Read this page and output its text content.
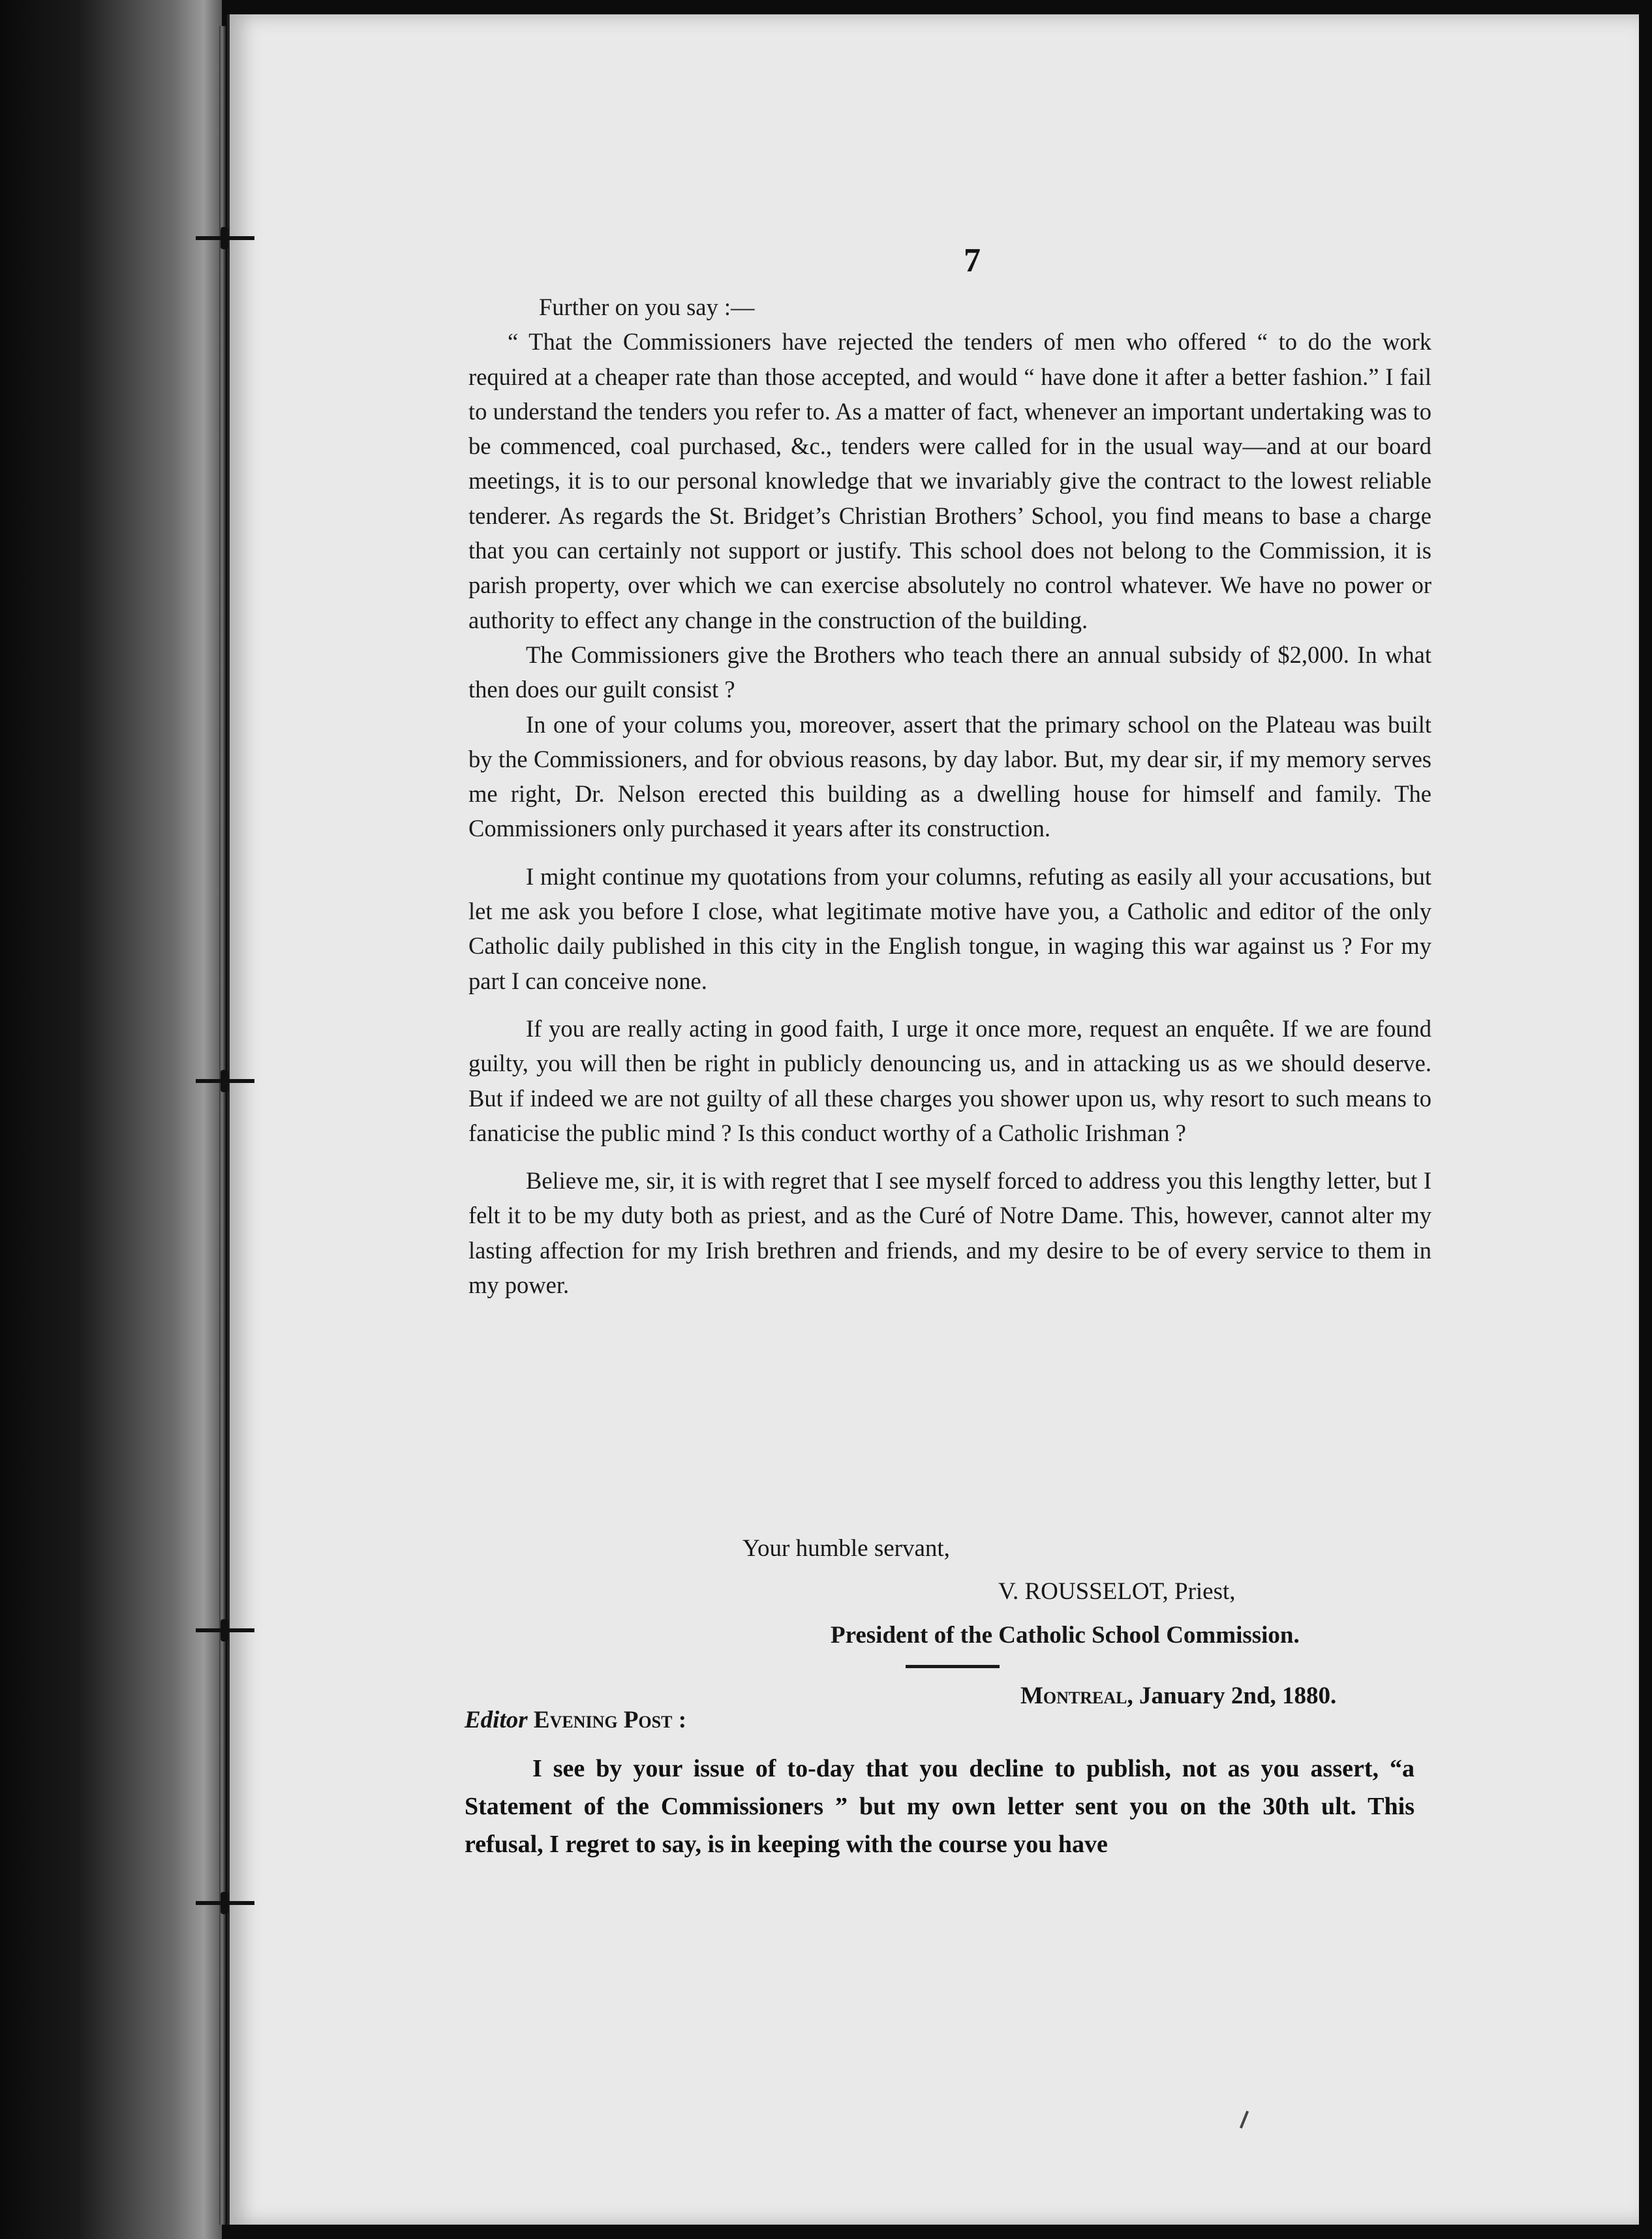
7

Further on you say :—

“ That the Commissioners have rejected the tenders of men who offered “ to do the work required at a cheaper rate than those accepted, and would “ have done it after a better fashion.” I fail to understand the tenders you refer to. As a matter of fact, whenever an important undertaking was to be commenced, coal purchased, &c., tenders were called for in the usual way—and at our board meetings, it is to our personal knowledge that we invariably give the contract to the lowest reliable tenderer. As regards the St. Bridget’s Christian Brothers’ School, you find means to base a charge that you can certainly not support or justify. This school does not belong to the Commission, it is parish property, over which we can exercise absolutely no control whatever. We have no power or authority to effect any change in the construction of the building.

The Commissioners give the Brothers who teach there an annual subsidy of $2,000. In what then does our guilt consist ?

In one of your colums you, moreover, assert that the primary school on the Plateau was built by the Commissioners, and for obvious reasons, by day labor. But, my dear sir, if my memory serves me right, Dr. Nelson erected this building as a dwelling house for himself and family. The Commissioners only purchased it years after its construction.

I might continue my quotations from your columns, refuting as easily all your accusations, but let me ask you before I close, what legitimate motive have you, a Catholic and editor of the only Catholic daily published in this city in the English tongue, in waging this war against us ? For my part I can conceive none.

If you are really acting in good faith, I urge it once more, request an enquête. If we are found guilty, you will then be right in publicly denouncing us, and in attacking us as we should deserve. But if indeed we are not guilty of all these charges you shower upon us, why resort to such means to fanaticise the public mind ? Is this conduct worthy of a Catholic Irishman ?

Believe me, sir, it is with regret that I see myself forced to address you this lengthy letter, but I felt it to be my duty both as priest, and as the Curé of Notre Dame. This, however, cannot alter my lasting affection for my Irish brethren and friends, and my desire to be of every service to them in my power.

Your humble servant,
V. ROUSSELOT, Priest,
President of the Catholic School Commission.
Montreal, January 2nd, 1880.
Editor Evening Post :

I see by your issue of to-day that you decline to publish, not as you assert, “a Statement of the Commissioners ” but my own letter sent you on the 30th ult. This refusal, I regret to say, is in keeping with the course you have
